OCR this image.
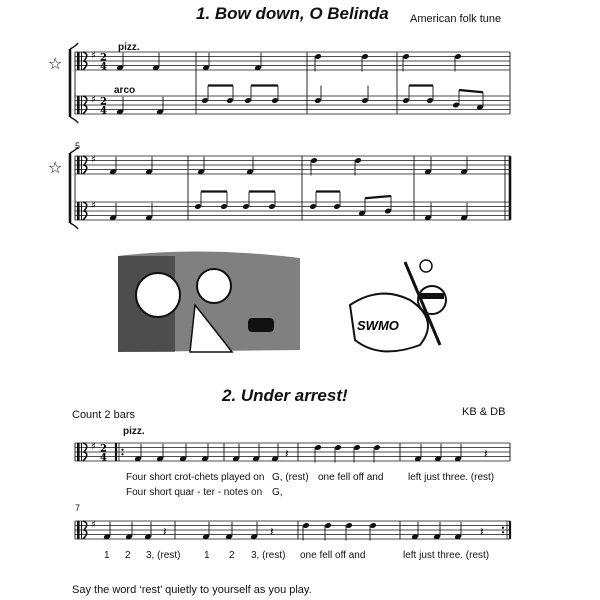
1. Bow down, O Belinda American folk tune
pizz.
arco
5
2. Under arrest!
KB & DB
Count 2 bars
pizz.
Four short crot-chets played on G, (rest) one fell off and left just three. (rest)
Four short quar - ter - notes on G,
7
1 2 3, (rest) 1 2 3, (rest) one fell off and	left just three. (rest)
Say the word ‘rest’ quietly to yourself as you play.
☆
☆
SWMO
♯ 2
4
♯ 2
4
♯
♯
♯ 2
4	𝄽	𝄽
♯	𝄽	𝄽	𝄽
